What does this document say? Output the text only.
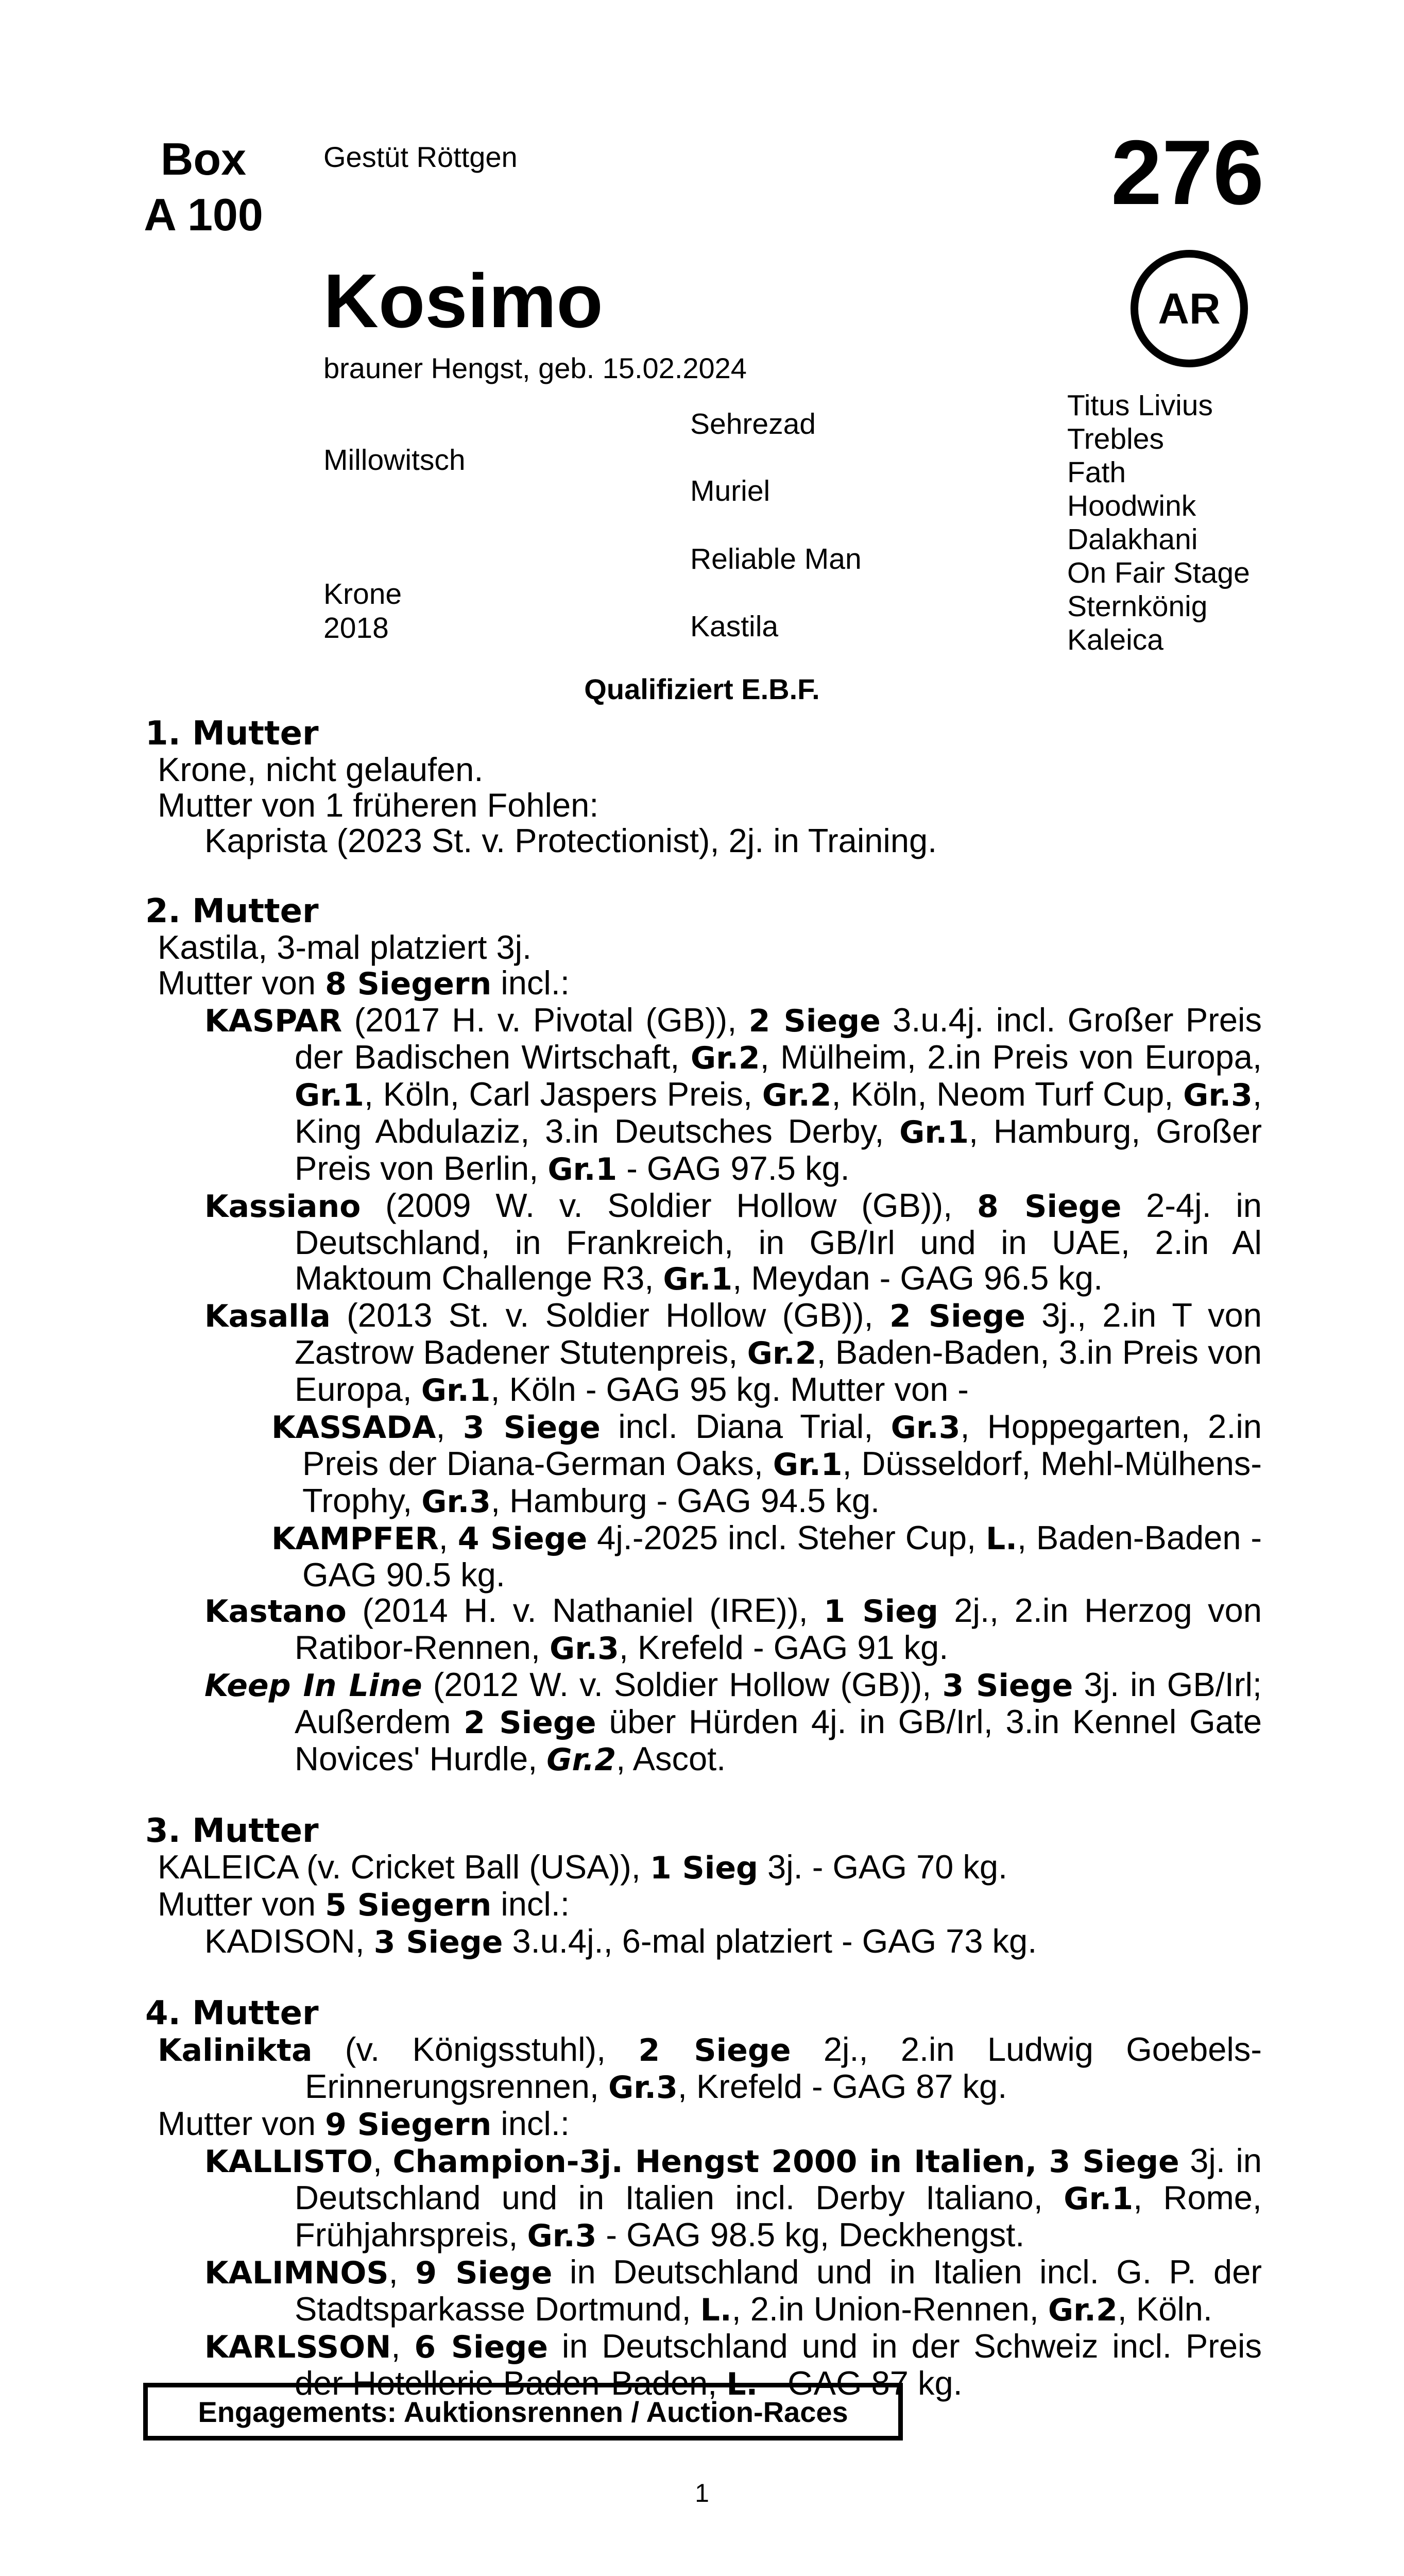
Box
A 100
Gestüt Röttgen	276
AR
Kosimo
brauner Hengst, geb. 15.02.2024
Millowitsch
Krone
2018
Sehrezad
Muriel
Reliable Man
Kastila
Titus Livius
Trebles
Fath
Hoodwink
Dalakhani
On Fair Stage
Sternkönig
Kaleica
Qualifiziert E.B.F.
1. Mutter
Krone, nicht gelaufen.
Mutter von 1 früheren Fohlen:
Kaprista (2023 St. v. Protectionist), 2j. in Training.
2. Mutter
Kastila, 3-mal platziert 3j.
Mutter von 8 Siegern incl.:
KASPAR (2017 H. v. Pivotal (GB)), 2 Siege 3.u.4j. incl. Großer Preis der Badischen Wirtschaft, Gr.2, Mülheim, 2.in Preis von Europa, Gr.1, Köln, Carl Jaspers Preis, Gr.2, Köln, Neom Turf Cup, Gr.3, King Abdulaziz, 3.in Deutsches Derby, Gr.1, Hamburg, Großer Preis von Berlin, Gr.1 - GAG 97.5 kg.
Kassiano (2009 W. v. Soldier Hollow (GB)), 8 Siege 2-4j. in Deutschland, in Frankreich, in GB/Irl und in UAE, 2.in Al Maktoum Challenge R3, Gr.1, Meydan - GAG 96.5 kg.
Kasalla (2013 St. v. Soldier Hollow (GB)), 2 Siege 3j., 2.in T von Zastrow Badener Stutenpreis, Gr.2, Baden-Baden, 3.in Preis von Europa, Gr.1, Köln - GAG 95 kg. Mutter von -
KASSADA, 3 Siege incl. Diana Trial, Gr.3, Hoppegarten, 2.in Preis der Diana-German Oaks, Gr.1, Düsseldorf, Mehl-Mülhens-Trophy, Gr.3, Hamburg - GAG 94.5 kg.
KAMPFER, 4 Siege 4j.-2025 incl. Steher Cup, L., Baden-Baden - GAG 90.5 kg.
Kastano (2014 H. v. Nathaniel (IRE)), 1 Sieg 2j., 2.in Herzog von Ratibor-Rennen, Gr.3, Krefeld - GAG 91 kg.
Keep In Line (2012 W. v. Soldier Hollow (GB)), 3 Siege 3j. in GB/Irl; Außerdem 2 Siege über Hürden 4j. in GB/Irl, 3.in Kennel Gate Novices' Hurdle, Gr.2, Ascot.
3. Mutter
KALEICA (v. Cricket Ball (USA)), 1 Sieg 3j. - GAG 70 kg.
Mutter von 5 Siegern incl.:
KADISON, 3 Siege 3.u.4j., 6-mal platziert - GAG 73 kg.
4. Mutter
Kalinikta (v. Königsstuhl), 2 Siege 2j., 2.in Ludwig Goebels-Erinnerungsrennen, Gr.3, Krefeld - GAG 87 kg.
Mutter von 9 Siegern incl.:
KALLISTO, Champion-3j. Hengst 2000 in Italien, 3 Siege 3j. in Deutschland und in Italien incl. Derby Italiano, Gr.1, Rome, Frühjahrspreis, Gr.3 - GAG 98.5 kg, Deckhengst.
KALIMNOS, 9 Siege in Deutschland und in Italien incl. G. P. der Stadtsparkasse Dortmund, L., 2.in Union-Rennen, Gr.2, Köln.
KARLSSON, 6 Siege in Deutschland und in der Schweiz incl. Preis der Hotellerie Baden-Baden, L. - GAG 87 kg.
Engagements: Auktionsrennen / Auction-Races
1
